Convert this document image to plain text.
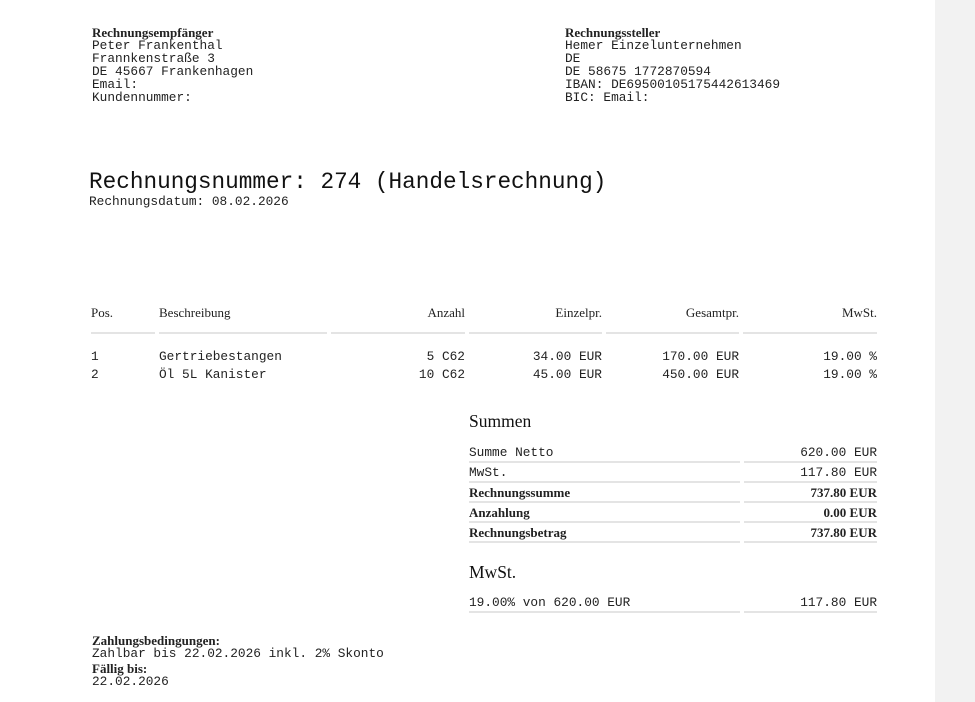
Rechnungsempfänger
Peter Frankenthal
Frannkenstraße 3
DE 45667 Frankenhagen
Email:
Kundennummer:
Rechnungssteller
Hemer Einzelunternehmen
DE
DE 58675 1772870594
IBAN: DE69500105175442613469
BIC: Email:
Rechnungsnummer: 274 (Handelsrechnung)
Rechnungsdatum: 08.02.2026
Pos.	Beschreibung	Anzahl	Einzelpr.	Gesamtpr.	MwSt.
1	Gertriebestangen	5 C62	34.00 EUR	170.00 EUR	19.00 %
2	Öl 5L Kanister	10 C62	45.00 EUR	450.00 EUR	19.00 %
Summen
Summe Netto	620.00 EUR
MwSt.	117.80 EUR
Rechnungssumme	737.80 EUR
Anzahlung	0.00 EUR
Rechnungsbetrag	737.80 EUR
MwSt.
19.00% von 620.00 EUR	117.80 EUR
Zahlungsbedingungen:
Zahlbar bis 22.02.2026 inkl. 2% Skonto
Fällig bis:
22.02.2026
